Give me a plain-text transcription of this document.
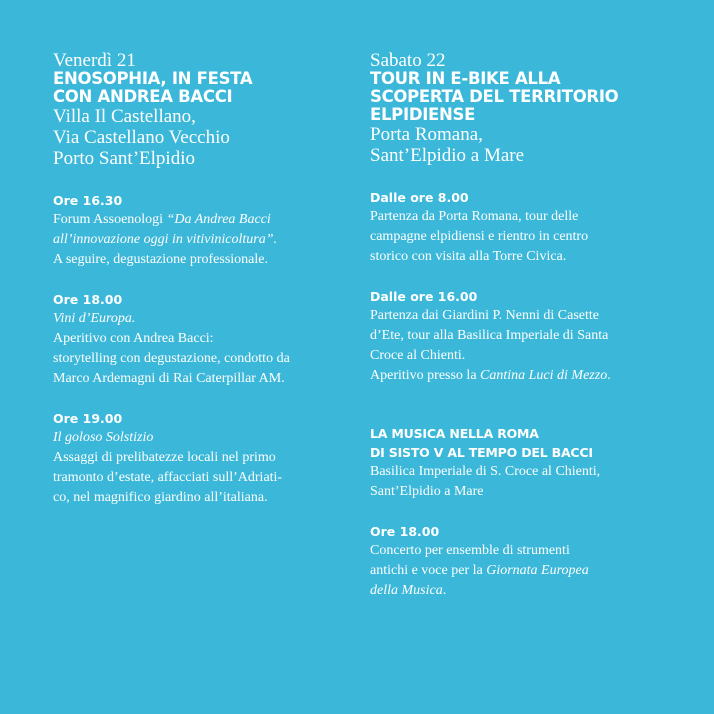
Venerdì 21

ENOSOPHIA, IN FESTA

CON ANDREA BACCI

Villa Il Castellano,

Via Castellano Vecchio

Porto Sant’Elpidio

Ore 16.30

Forum Assoenologi “Da Andrea Bacci

all’innovazione oggi in vitivinicoltura”.

A seguire, degustazione professionale.

Ore 18.00

Vini d’Europa.

Aperitivo con Andrea Bacci:

storytelling con degustazione, condotto da

Marco Ardemagni di Rai Caterpillar AM.

Ore 19.00

Il goloso Solstizio

Assaggi di prelibatezze locali nel primo

tramonto d’estate, affacciati sull’Adriati-

co, nel magnifico giardino all’italiana.

Sabato 22

TOUR IN E-BIKE ALLA

SCOPERTA DEL TERRITORIO

ELPIDIENSE

Porta Romana,

Sant’Elpidio a Mare

Dalle ore 8.00

Partenza da Porta Romana, tour delle

campagne elpidiensi e rientro in centro

storico con visita alla Torre Civica.

Dalle ore 16.00

Partenza dai Giardini P. Nenni di Casette

d’Ete, tour alla Basilica Imperiale di Santa

Croce al Chienti.

Aperitivo presso la Cantina Luci di Mezzo.

LA MUSICA NELLA ROMA

DI SISTO V AL TEMPO DEL BACCI

Basilica Imperiale di S. Croce al Chienti,

Sant’Elpidio a Mare

Ore 18.00

Concerto per ensemble di strumenti

antichi e voce per la Giornata Europea

della Musica.
